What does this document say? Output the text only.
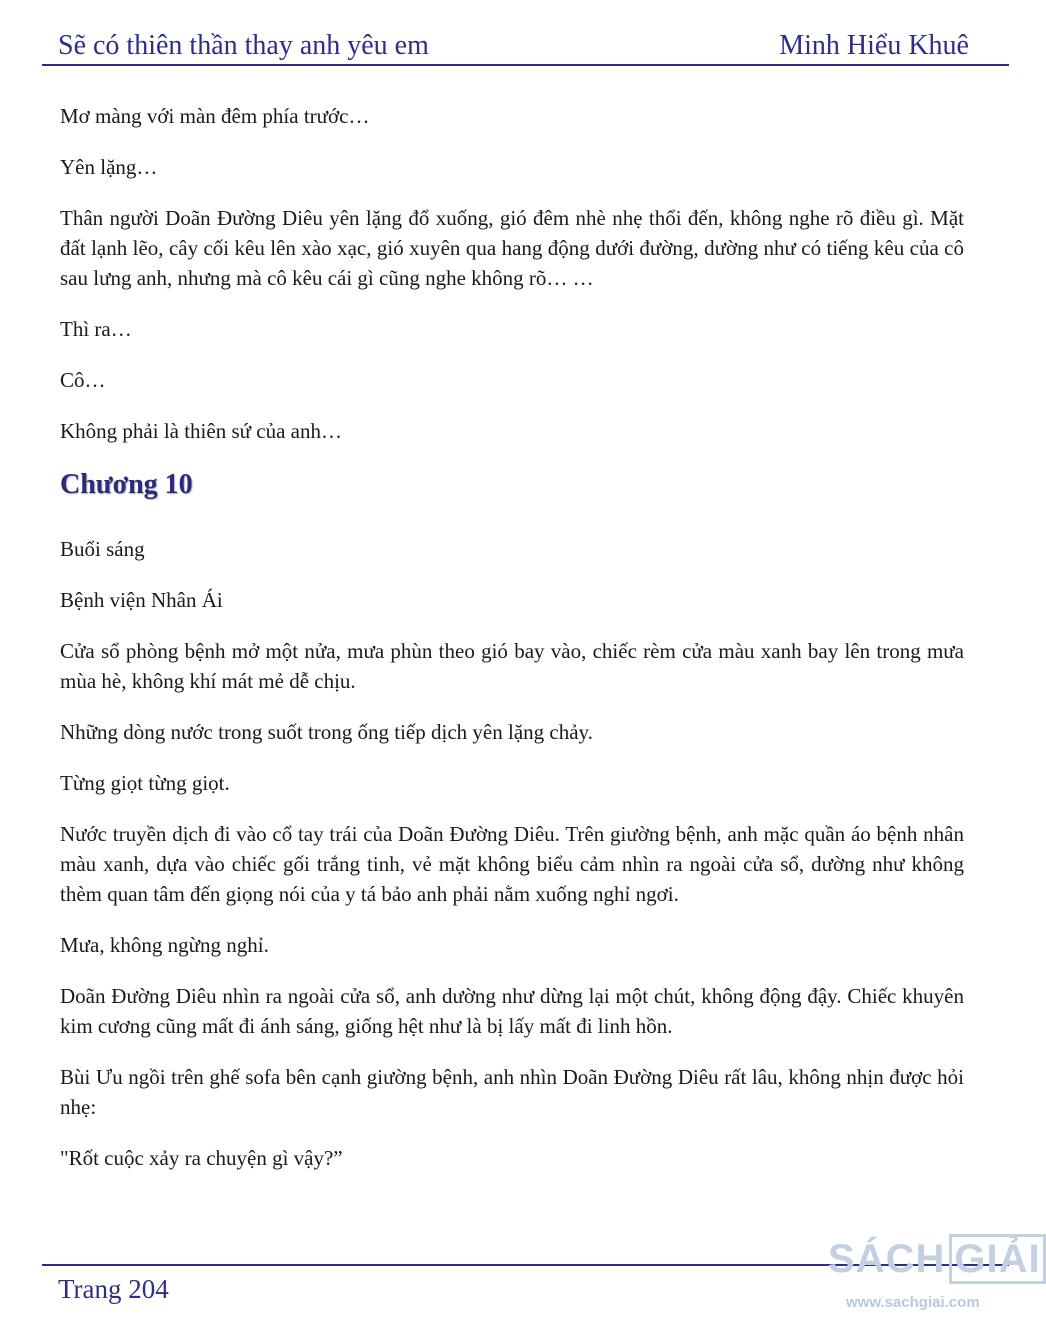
Sẽ có thiên thần thay anh yêu em	Minh Hiểu Khuê

Mơ màng với màn đêm phía trước…

Yên lặng…

Thân người Doãn Đường Diêu yên lặng đổ xuống, gió đêm nhè nhẹ thổi đến, không nghe rõ điều gì. Mặt đất lạnh lẽo, cây cối kêu lên xào xạc, gió xuyên qua hang động dưới đường, dường như có tiếng kêu của cô sau lưng anh, nhưng mà cô kêu cái gì cũng nghe không rõ… …

Thì ra…

Cô…

Không phải là thiên sứ của anh…

Chương 10

Buổi sáng

Bệnh viện Nhân Ái

Cửa sổ phòng bệnh mở một nửa, mưa phùn theo gió bay vào, chiếc rèm cửa màu xanh bay lên trong mưa mùa hè, không khí mát mẻ dễ chịu.

Những dòng nước trong suốt trong ống tiếp dịch yên lặng chảy.

Từng giọt từng giọt.

Nước truyền dịch đi vào cổ tay trái của Doãn Đường Diêu. Trên giường bệnh, anh mặc quần áo bệnh nhân màu xanh, dựa vào chiếc gối trắng tinh, vẻ mặt không biểu cảm nhìn ra ngoài cửa sổ, dường như không thèm quan tâm đến giọng nói của y tá bảo anh phải nằm xuống nghỉ ngơi.

Mưa, không ngừng nghỉ.

Doãn Đường Diêu nhìn ra ngoài cửa sổ, anh dường như dừng lại một chút, không động đậy. Chiếc khuyên kim cương cũng mất đi ánh sáng, giống hệt như là bị lấy mất đi linh hồn.

Bùi Ưu ngồi trên ghế sofa bên cạnh giường bệnh, anh nhìn Doãn Đường Diêu rất lâu, không nhịn được hỏi nhẹ:

"Rốt cuộc xảy ra chuyện gì vậy?”

Trang 204
SÁCH GIẢI
www.sachgiai.com
